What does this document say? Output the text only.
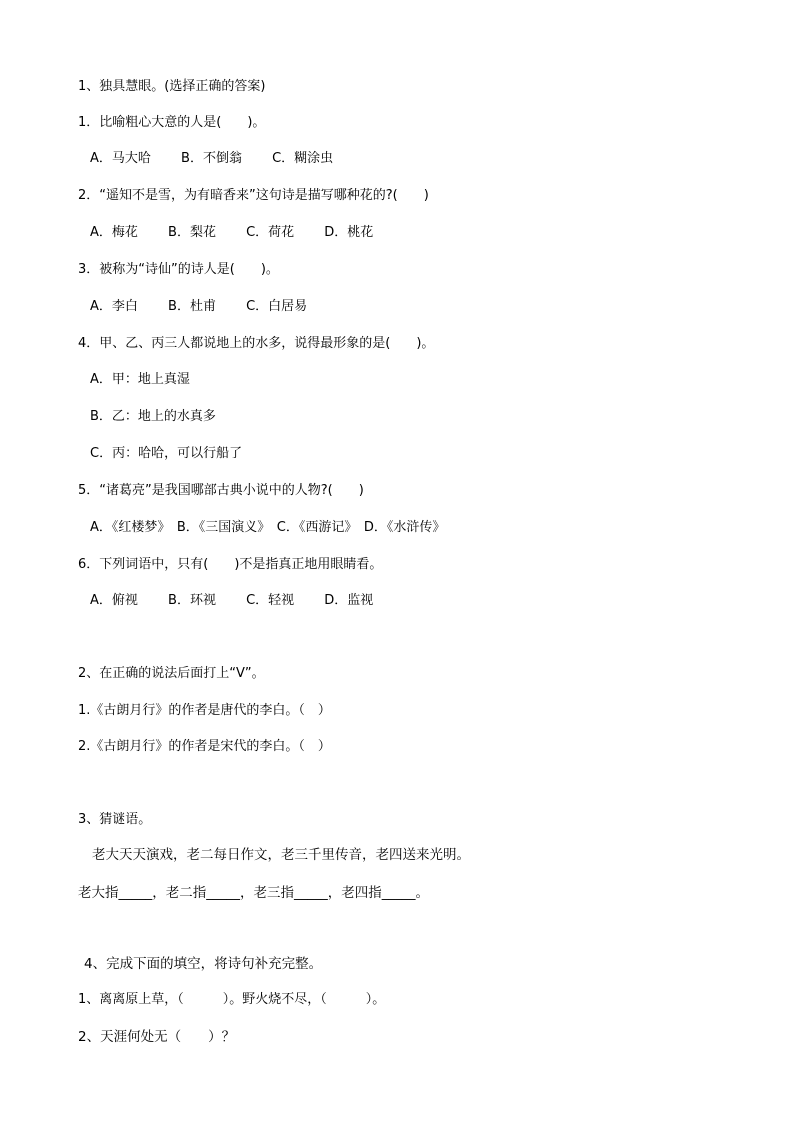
1、独具慧眼。(选择正确的答案)
1．比喻粗心大意的人是(　　)。
A．马大哈　　 B．不倒翁　　 C．糊涂虫
2．“遥知不是雪，为有暗香来”这句诗是描写哪种花的?(　　)
A．梅花　　 B．梨花　　 C．荷花　　 D．桃花
3．被称为“诗仙”的诗人是(　　)。
A．李白　　 B．杜甫　　 C．白居易
4．甲、乙、丙三人都说地上的水多，说得最形象的是(　　)。
A．甲：地上真湿
B．乙：地上的水真多
C．丙：哈哈，可以行船了
5．“诸葛亮”是我国哪部古典小说中的人物?(　　)
A．《红楼梦》　B．《三国演义》　C．《西游记》　D．《水浒传》
6．下列词语中，只有(　　)不是指真正地用眼睛看。
A．俯视　　 B．环视　　 C．轻视　　 D．监视
2、在正确的说法后面打上“V”。
1.《古朗月行》的作者是唐代的李白。（　）
2.《古朗月行》的作者是宋代的李白。（　）
3、猜谜语。
老大天天演戏，老二每日作文，老三千里传音，老四送来光明。
老大指_____，老二指_____，老三指_____，老四指_____。
4、完成下面的填空，将诗句补充完整。
1、离离原上草，（　　　）。野火烧不尽，（　　　）。
2、天涯何处无（　　）？
